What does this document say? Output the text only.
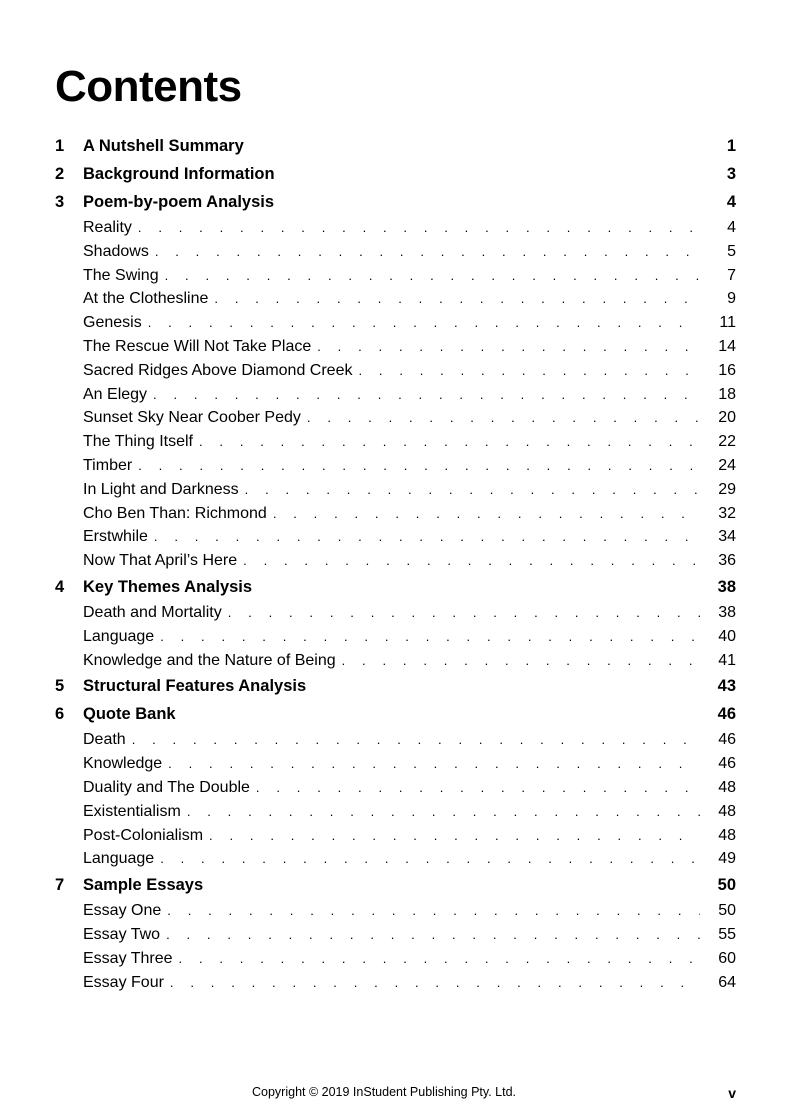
Contents
1	A Nutshell Summary	1
2	Background Information	3
3	Poem-by-poem Analysis	4
Reality . . .	4
Shadows . . .	5
The Swing . . .	7
At the Clothesline . . .	9
Genesis . . .	11
The Rescue Will Not Take Place . . .	14
Sacred Ridges Above Diamond Creek . . .	16
An Elegy . . .	18
Sunset Sky Near Coober Pedy . . .	20
The Thing Itself . . .	22
Timber . . .	24
In Light and Darkness . . .	29
Cho Ben Than: Richmond . . .	32
Erstwhile . . .	34
Now That April’s Here . . .	36
4	Key Themes Analysis	38
Death and Mortality . . .	38
Language . . .	40
Knowledge and the Nature of Being . . .	41
5	Structural Features Analysis	43
6	Quote Bank	46
Death . . .	46
Knowledge . . .	46
Duality and The Double . . .	48
Existentialism . . .	48
Post-Colonialism . . .	48
Language . . .	49
7	Sample Essays	50
Essay One . . .	50
Essay Two . . .	55
Essay Three . . .	60
Essay Four . . .	64
Copyright © 2019 InStudent Publishing Pty. Ltd.	v
